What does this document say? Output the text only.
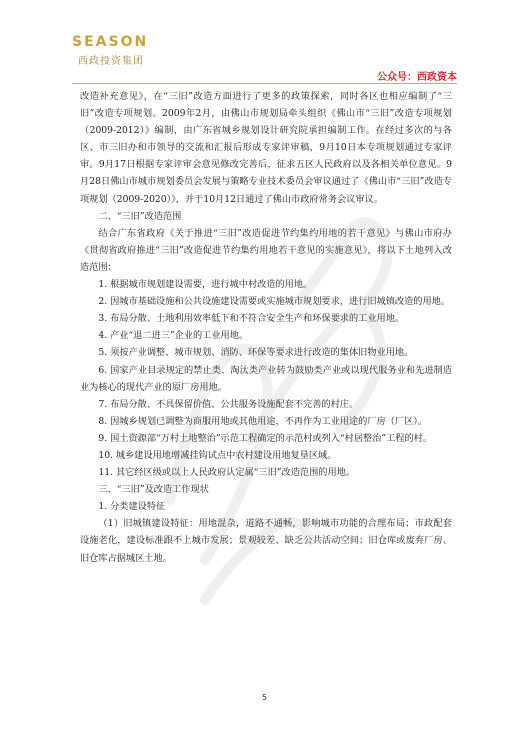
SEASON
西政投资集团
公众号：西政资本

改造补充意见》，在“三旧”改造方面进行了更多的政策探索，同时各区也相应编制了“三旧”改造专项规划。2009年2月，由佛山市规划局牵头组织《佛山市“三旧”改造专项规划（2009-2012）》编制，由广东省城乡规划设计研究院承担编制工作。在经过多次的与各区、市三旧办和市领导的交流和汇报后形成专家评审稿，9月10日本专项规划通过专家评审。9月17日根据专家评审会意见修改完善后，征求五区人民政府以及各相关单位意见。9月28日佛山市城市规划委员会发展与策略专业技术委员会审议通过了《佛山市“三旧”改造专项规划（2009-2020）》，并于10月12日通过了佛山市政府常务会议审议。

二、“三旧”改造范围

结合广东省政府《关于推进“三旧”改造促进节约集约用地的若干意见》与佛山市府办《贯彻省政府推进“三旧”改造促进节约集约用地若干意见的实施意见》，将以下土地列入改造范围：

1. 根据城市规划建设需要，进行城中村改造的用地。

2. 因城市基础设施和公共设施建设需要或实施城市规划要求，进行旧城镇改造的用地。

3. 布局分散、土地利用效率低下和不符合安全生产和环保要求的工业用地。

4. 产业“退二进三”企业的工业用地。

5. 须按产业调整、城市规划、消防、环保等要求进行改造的集体旧物业用地。

6. 国家产业目录规定的禁止类、淘汰类产业转为鼓励类产业或以现代服务业和先进制造业为核心的现代产业的原厂房用地。

7. 布局分散、不具保留价值、公共服务设施配套不完善的村庄。

8. 因城乡规划已调整为商服用地或其他用途，不再作为工业用途的厂房（厂区）。

9. 国土资源部“万村土地整治”示范工程确定的示范村或列入“村居整治”工程的村。

10. 城乡建设用地增减挂钩试点中农村建设用地复垦区域。

11. 其它经区级或以上人民政府认定属“三旧”改造范围的用地。

三、“三旧”及改造工作现状

1. 分类建设特征

（1）旧城镇建设特征：用地混杂，道路不通畅，影响城市功能的合理布局；市政配套设施老化，建设标准跟不上城市发展；景观较差、缺乏公共活动空间；旧仓库或废弃厂房、旧仓库占据城区土地。

5
